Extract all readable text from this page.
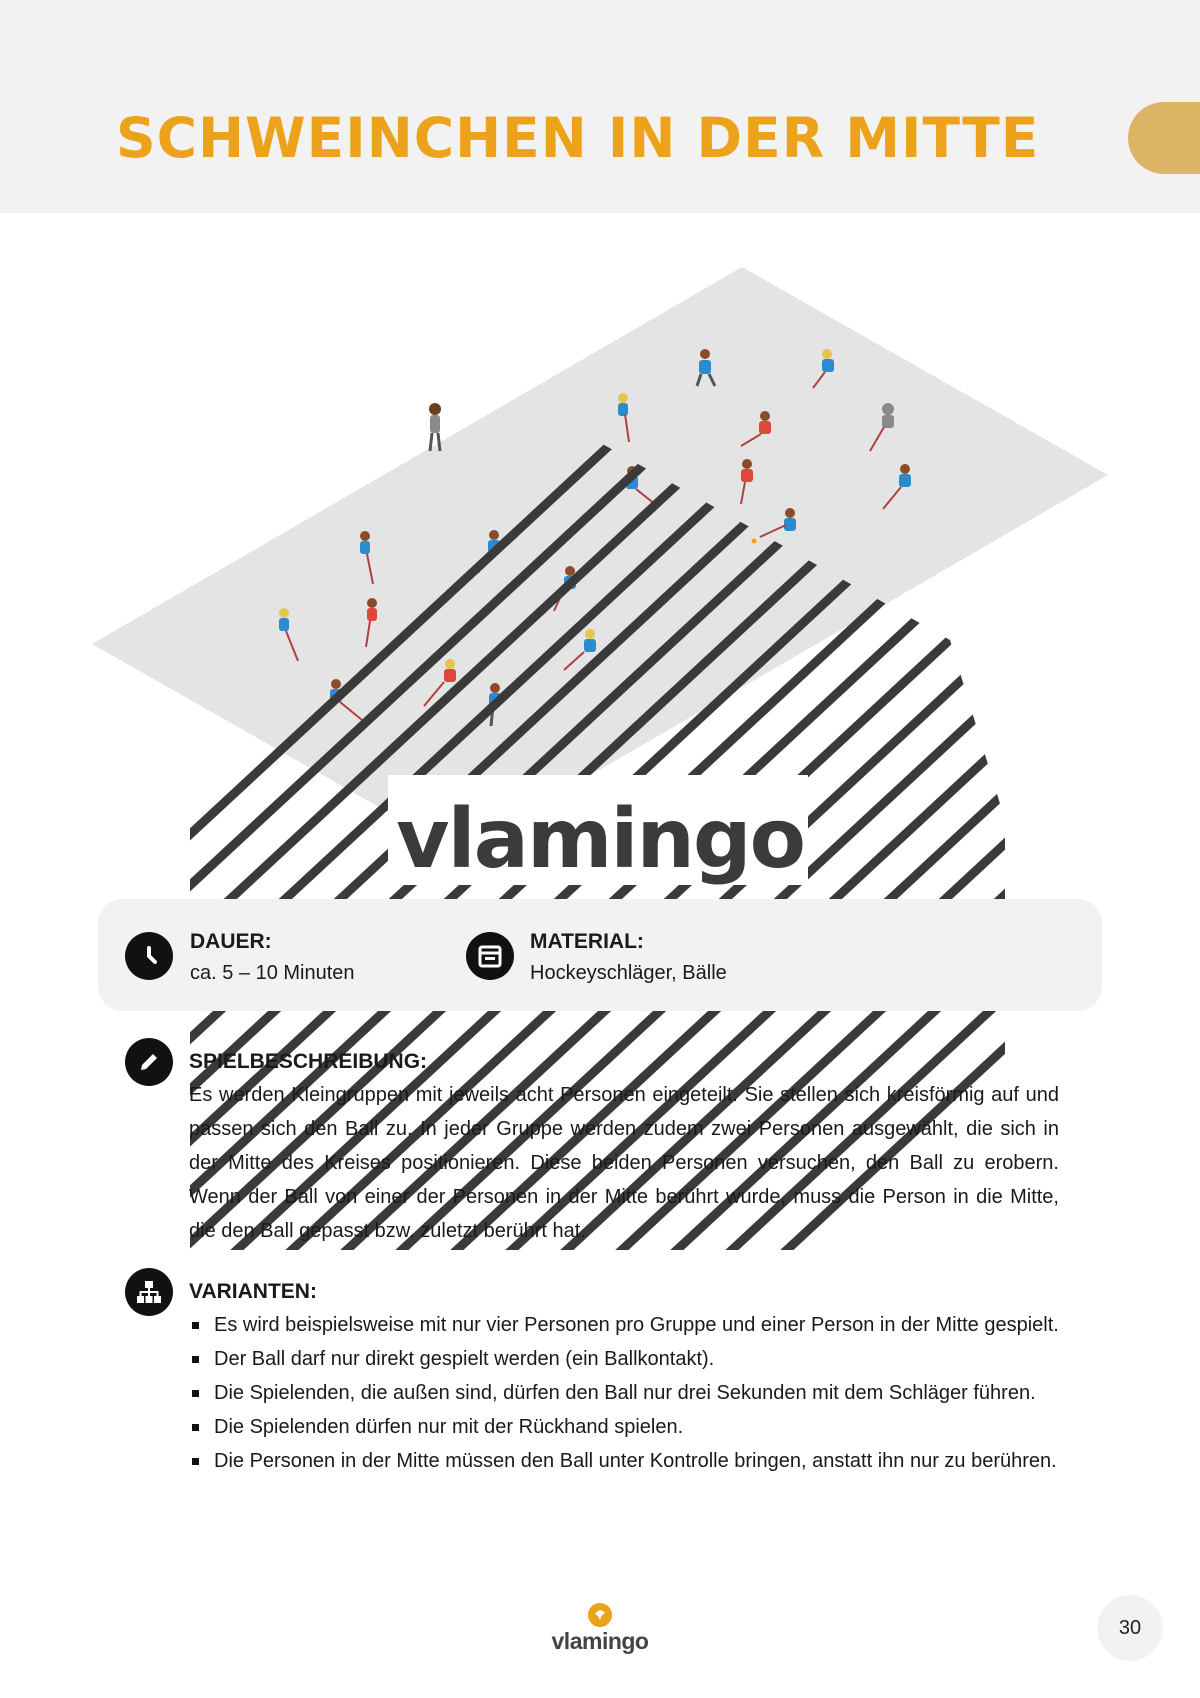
SCHWEINCHEN IN DER MITTE
vlamingo
DAUER:
ca. 5 – 10 Minuten
MATERIAL:
Hockeyschläger, Bälle
SPIELBESCHREIBUNG:

Es werden Kleingruppen mit jeweils acht Personen eingeteilt. Sie stellen sich kreisförmig auf und passen sich den Ball zu. In jeder Gruppe werden zudem zwei Personen ausgewählt, die sich in der Mitte des Kreises positionieren. Diese beiden Personen versuchen, den Ball zu erobern. Wenn der Ball von einer der Personen in der Mitte berührt wurde, muss die Person in die Mitte, die den Ball gepasst bzw. zuletzt berührt hat.

VARIANTEN:
Es wird beispielsweise mit nur vier Personen pro Gruppe und einer Person in der Mitte gespielt.
Der Ball darf nur direkt gespielt werden (ein Ballkontakt).
Die Spielenden, die außen sind, dürfen den Ball nur drei Sekunden mit dem Schläger führen.
Die Spielenden dürfen nur mit der Rückhand spielen.
Die Personen in der Mitte müssen den Ball unter Kontrolle bringen, anstatt ihn nur zu berühren.
vlamingo
30
